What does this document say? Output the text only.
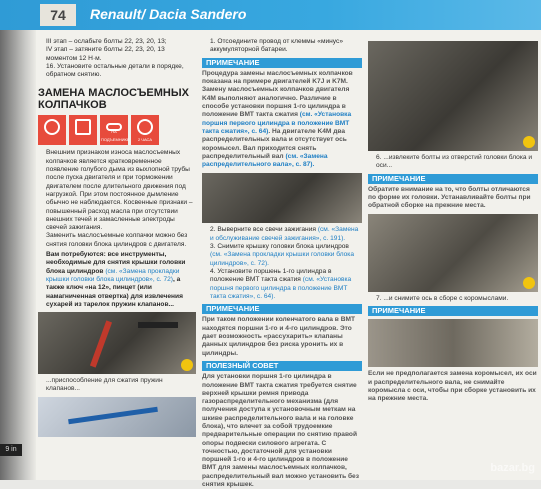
74	Renault/ Dacia Sandero
9 in

III этап – ослабьте болты 22, 23, 20, 13;

IV этап – затяните болты 22, 23, 20, 13 моментом 12 Н·м.

16. Установите остальные детали в порядке, обратном снятию.

ЗАМЕНА МАСЛОСЪЕМНЫХ КОЛПАЧКОВ
НА ПОДЪЕМНИКЕ	2 ЧАСА

Внешним признаком износа маслосъемных колпачков является кратковременное появление голубого дыма из выхлопной трубы после пуска двигателя и при торможении двигателем после длительного движения под нагрузкой. При этом постоянное дымление обычно не наблюдается. Косвенные признаки – повышенный расход масла при отсутствии внешних течей и замасленные электроды свечей зажигания.

Заменить маслосъемные колпачки можно без снятия головки блока цилиндров с двигателя.

Вам потребуются: все инструменты, необходимые для снятия крышки головки блока цилиндров (см. «Замена прокладки крышки головки блока цилиндров», с. 72), а также ключ «на 12», пинцет (или намагниченная отвертка) для извлечения сухарей из тарелок пружин клапанов...

...приспособление для сжатия пружин клапанов...

1. Отсоедините провод от клеммы «минус» аккумуляторной батареи.

ПРИМЕЧАНИЕ

Процедура замены маслосъемных колпачков показана на примере двигателей K7J и K7M. Замену маслосъемных колпачков двигателя K4M выполняют аналогично. Различие в способе установки поршня 1-го цилиндра в положение ВМТ такта сжатия (см. «Установка поршня первого цилиндра в положение ВМТ такта сжатия», с. 64). На двигателе K4M два распределительных вала и отсутствует ось коромысел. Вал приходится снять распределительный вал (см. «Замена распределительного вала», с. 87).

2. Выверните все свечи зажигания (см. «Замена и обслуживание свечей зажигания», с. 191).

3. Снимите крышку головки блока цилиндров (см. «Замена прокладки крышки головки блока цилиндров», с. 72).

4. Установите поршень 1-го цилиндра в положение ВМТ такта сжатия (см. «Установка поршня первого цилиндра в положение ВМТ такта сжатия», с. 64).

ПРИМЕЧАНИЕ

При таком положении коленчатого вала в ВМТ находятся поршни 1-го и 4-го цилиндров. Это дает возможность «рассухарить» клапаны данных цилиндров без риска уронить их в цилиндры.

ПОЛЕЗНЫЙ СОВЕТ

Для установки поршня 1-го цилиндра в положение ВМТ такта сжатия требуется снятие верхней крышки ремня привода газораспределительного механизма (для получения доступа к установочным меткам на шкиве распределительного вала и на головке блока), что влечет за собой трудоемкие предварительные операции по снятию правой опоры подвески силового агрегата. С точностью, достаточной для установки поршней 1-го и 4-го цилиндров в положение ВМТ для замены маслосъемных колпачков, распределительный вал можно установить без снятия крышек.

6. ...извлеките болты из отверстий головки блока и оси...

ПРИМЕЧАНИЕ

Обратите внимание на то, что болты отличаются по форме их головки. Устанавливайте болты при обратной сборке на прежние места.

7. ...и снимите ось в сборе с коромыслами.

ПРИМЕЧАНИЕ

Если не предполагается замена коромысел, их оси и распределительного вала, не снимайте коромысла с оси, чтобы при сборке установить их на прежние места.

bazar.bg
